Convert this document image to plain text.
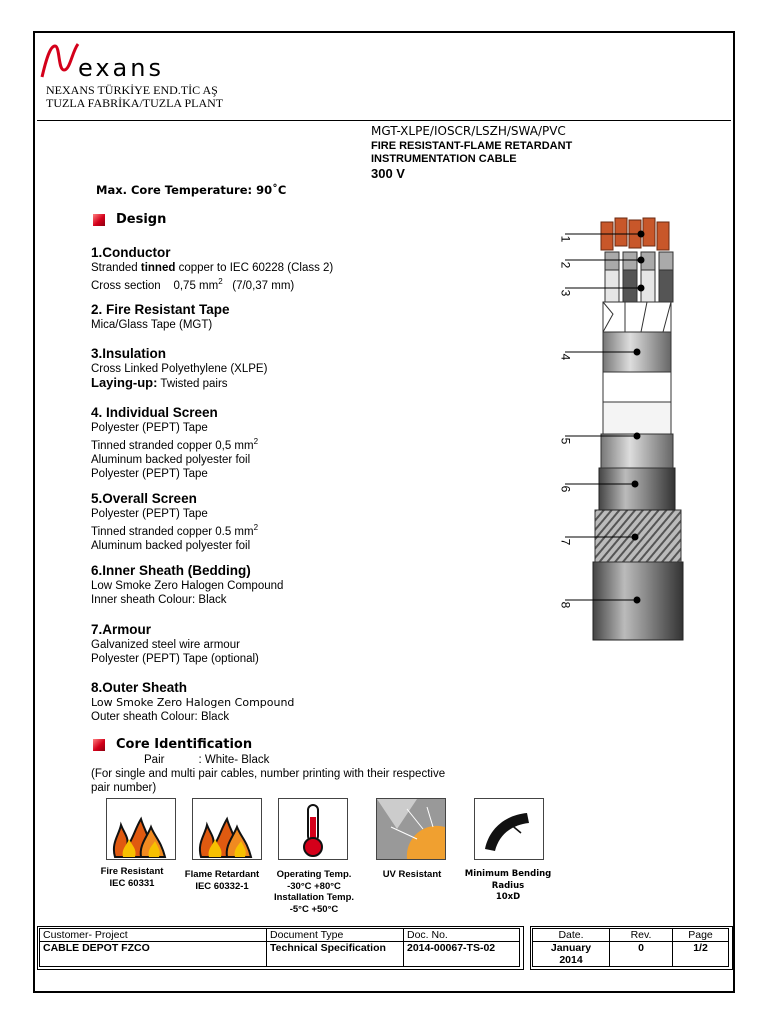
exans
NEXANS TÜRKİYE END.TİC AŞ
TUZLA FABRİKA/TUZLA PLANT
MGT-XLPE/IOSCR/LSZH/SWA/PVC
FIRE RESISTANT-FLAME RETARDANT
INSTRUMENTATION CABLE
300 V
Max. Core Temperature: 90˚C
Design
1.Conductor
Stranded tinned copper to IEC 60228 (Class 2)
Cross section 0,75 $mm^2$ (7/0,37 mm)
2. Fire Resistant Tape
Mica/Glass Tape (MGT)
3.Insulation
Cross Linked Polyethylene (XLPE)
Laying-up: Twisted pairs
4. Individual Screen
Polyester (PEPT) Tape
Tinned stranded copper 0,5 $mm^2$
Aluminum backed polyester foil
Polyester (PEPT) Tape
5.Overall Screen
Polyester (PEPT) Tape
Tinned stranded copper 0.5 $mm^2$
Aluminum backed polyester foil
6.Inner Sheath (Bedding)
Low Smoke Zero Halogen Compound
Inner sheath Colour: Black
7.Armour
Galvanized steel wire armour
Polyester (PEPT) Tape (optional)
8.Outer Sheath
Low Smoke Zero Halogen Compound
Outer sheath Colour: Black
Core Identification
Pair	: White- Black
(For single and multi pair cables, number printing with their respective
pair number)
1
2
3
4
5
6
7
8
Fire Resistant
IEC 60331
Flame Retardant
IEC 60332-1
Operating Temp.
-30°C +80°C
Installation Temp.
-5°C +50°C
UV Resistant	Minimum Bending
Radius
10xD
Customer- Project	Document Type	Doc. No.
CABLE DEPOT FZCO	Technical Specification	2014-00067-TS-02
Date.	Rev.	Page

January
2014	0	1/2
